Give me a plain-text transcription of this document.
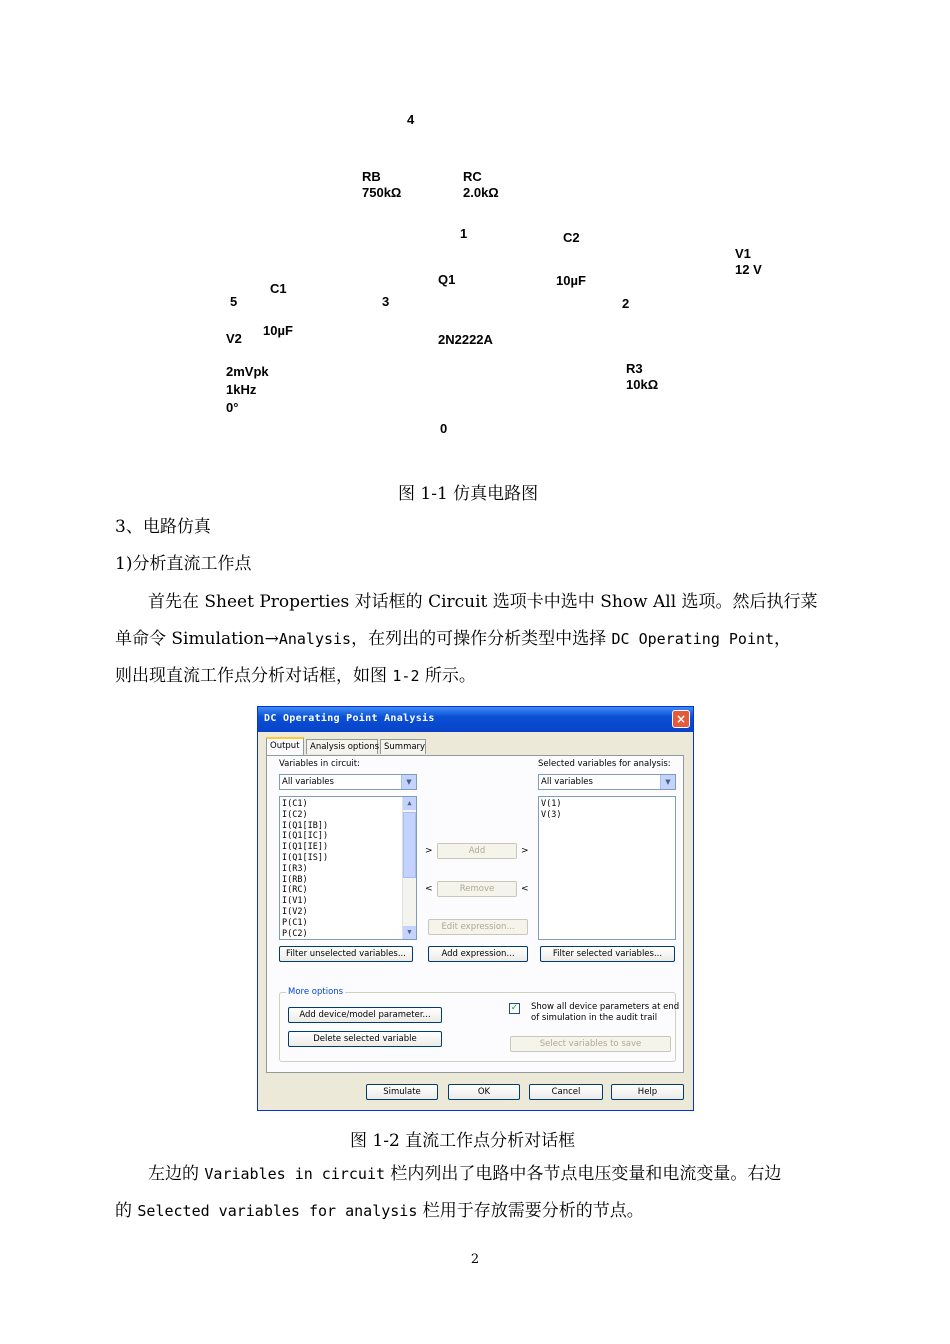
4
RB
750kΩ
RC
2.0kΩ
1	C2
V1
12 V
Q1	10µF
C1
5	3	2
V2
10µF
2N2222A
2mVpk
1kHz
0°
R3
10kΩ
0
图 1-1 仿真电路图
3、电路仿真
1)分析直流工作点
首先在 Sheet Properties 对话框的 Circuit 选项卡中选中 Show All 选项。然后执行菜
单命令 Simulation→Analysis，在列出的可操作分析类型中选择 DC Operating Point，
则出现直流工作点分析对话框，如图 1-2 所示。
DC Operating Point Analysis	×
Output	Analysis options Summary
Variables in circuit:
All variables	▼
I(C1)
I(C2)
I(Q1[IB])
I(Q1[IC])
I(Q1[IE])
I(Q1[IS])
I(R3)
I(RB)
I(RC)
I(V1)
I(V2)
P(C1)
P(C2)
▲
▼
Selected variables for analysis:
All variables	▼
V(1)
V(3)
>	Add	>
<	Remove	<
Edit expression...
Filter unselected variables...	Add expression...	Filter selected variables...
More options
Add device/model parameter...
Delete selected variable
✓ Show all device parameters at end
of simulation in the audit trail
Select variables to save
Simulate	OK	Cancel	Help
图 1-2 直流工作点分析对话框
左边的 Variables in circuit 栏内列出了电路中各节点电压变量和电流变量。右边
的 Selected variables for analysis 栏用于存放需要分析的节点。
2
